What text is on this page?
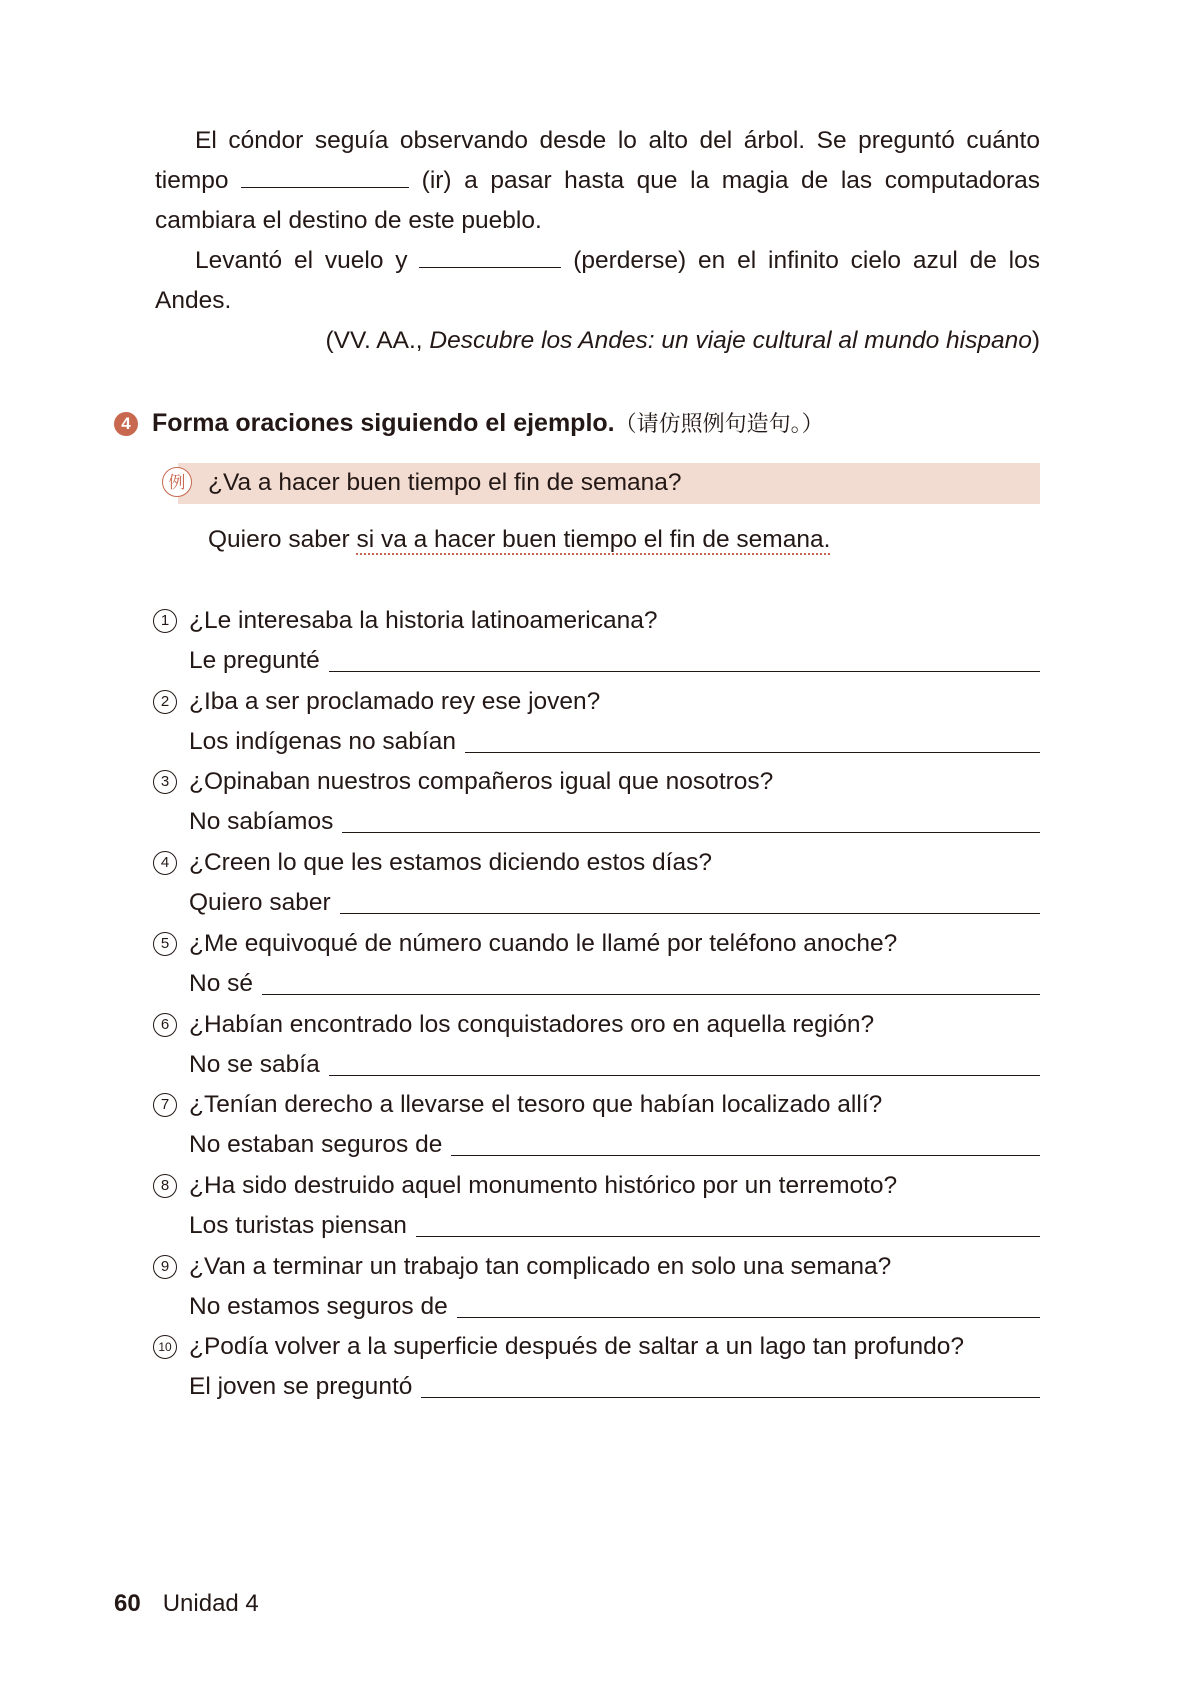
El cóndor seguía observando desde lo alto del árbol. Se preguntó cuánto
tiempo	(ir) a pasar hasta que la magia de las computadoras
cambiara el destino de este pueblo.
Levantó el vuelo y	(perderse) en el infinito cielo azul de los
Andes.
(VV. AA., Descubre los Andes: un viaje cultural al mundo hispano)
4 Forma oraciones siguiendo el ejemplo.（请仿照例句造句。）
例 ¿Va a hacer buen tiempo el fin de semana?
Quiero saber si va a hacer buen tiempo el fin de semana.
1 ¿Le interesaba la historia latinoamericana?
Le pregunté
2 ¿Iba a ser proclamado rey ese joven?
Los indígenas no sabían
3 ¿Opinaban nuestros compañeros igual que nosotros?
No sabíamos
4 ¿Creen lo que les estamos diciendo estos días?
Quiero saber
5 ¿Me equivoqué de número cuando le llamé por teléfono anoche?
No sé
6 ¿Habían encontrado los conquistadores oro en aquella región?
No se sabía
7 ¿Tenían derecho a llevarse el tesoro que habían localizado allí?
No estaban seguros de
8 ¿Ha sido destruido aquel monumento histórico por un terremoto?
Los turistas piensan
9 ¿Van a terminar un trabajo tan complicado en solo una semana?
No estamos seguros de
10 ¿Podía volver a la superficie después de saltar a un lago tan profundo?
El joven se preguntó
60 Unidad 4
